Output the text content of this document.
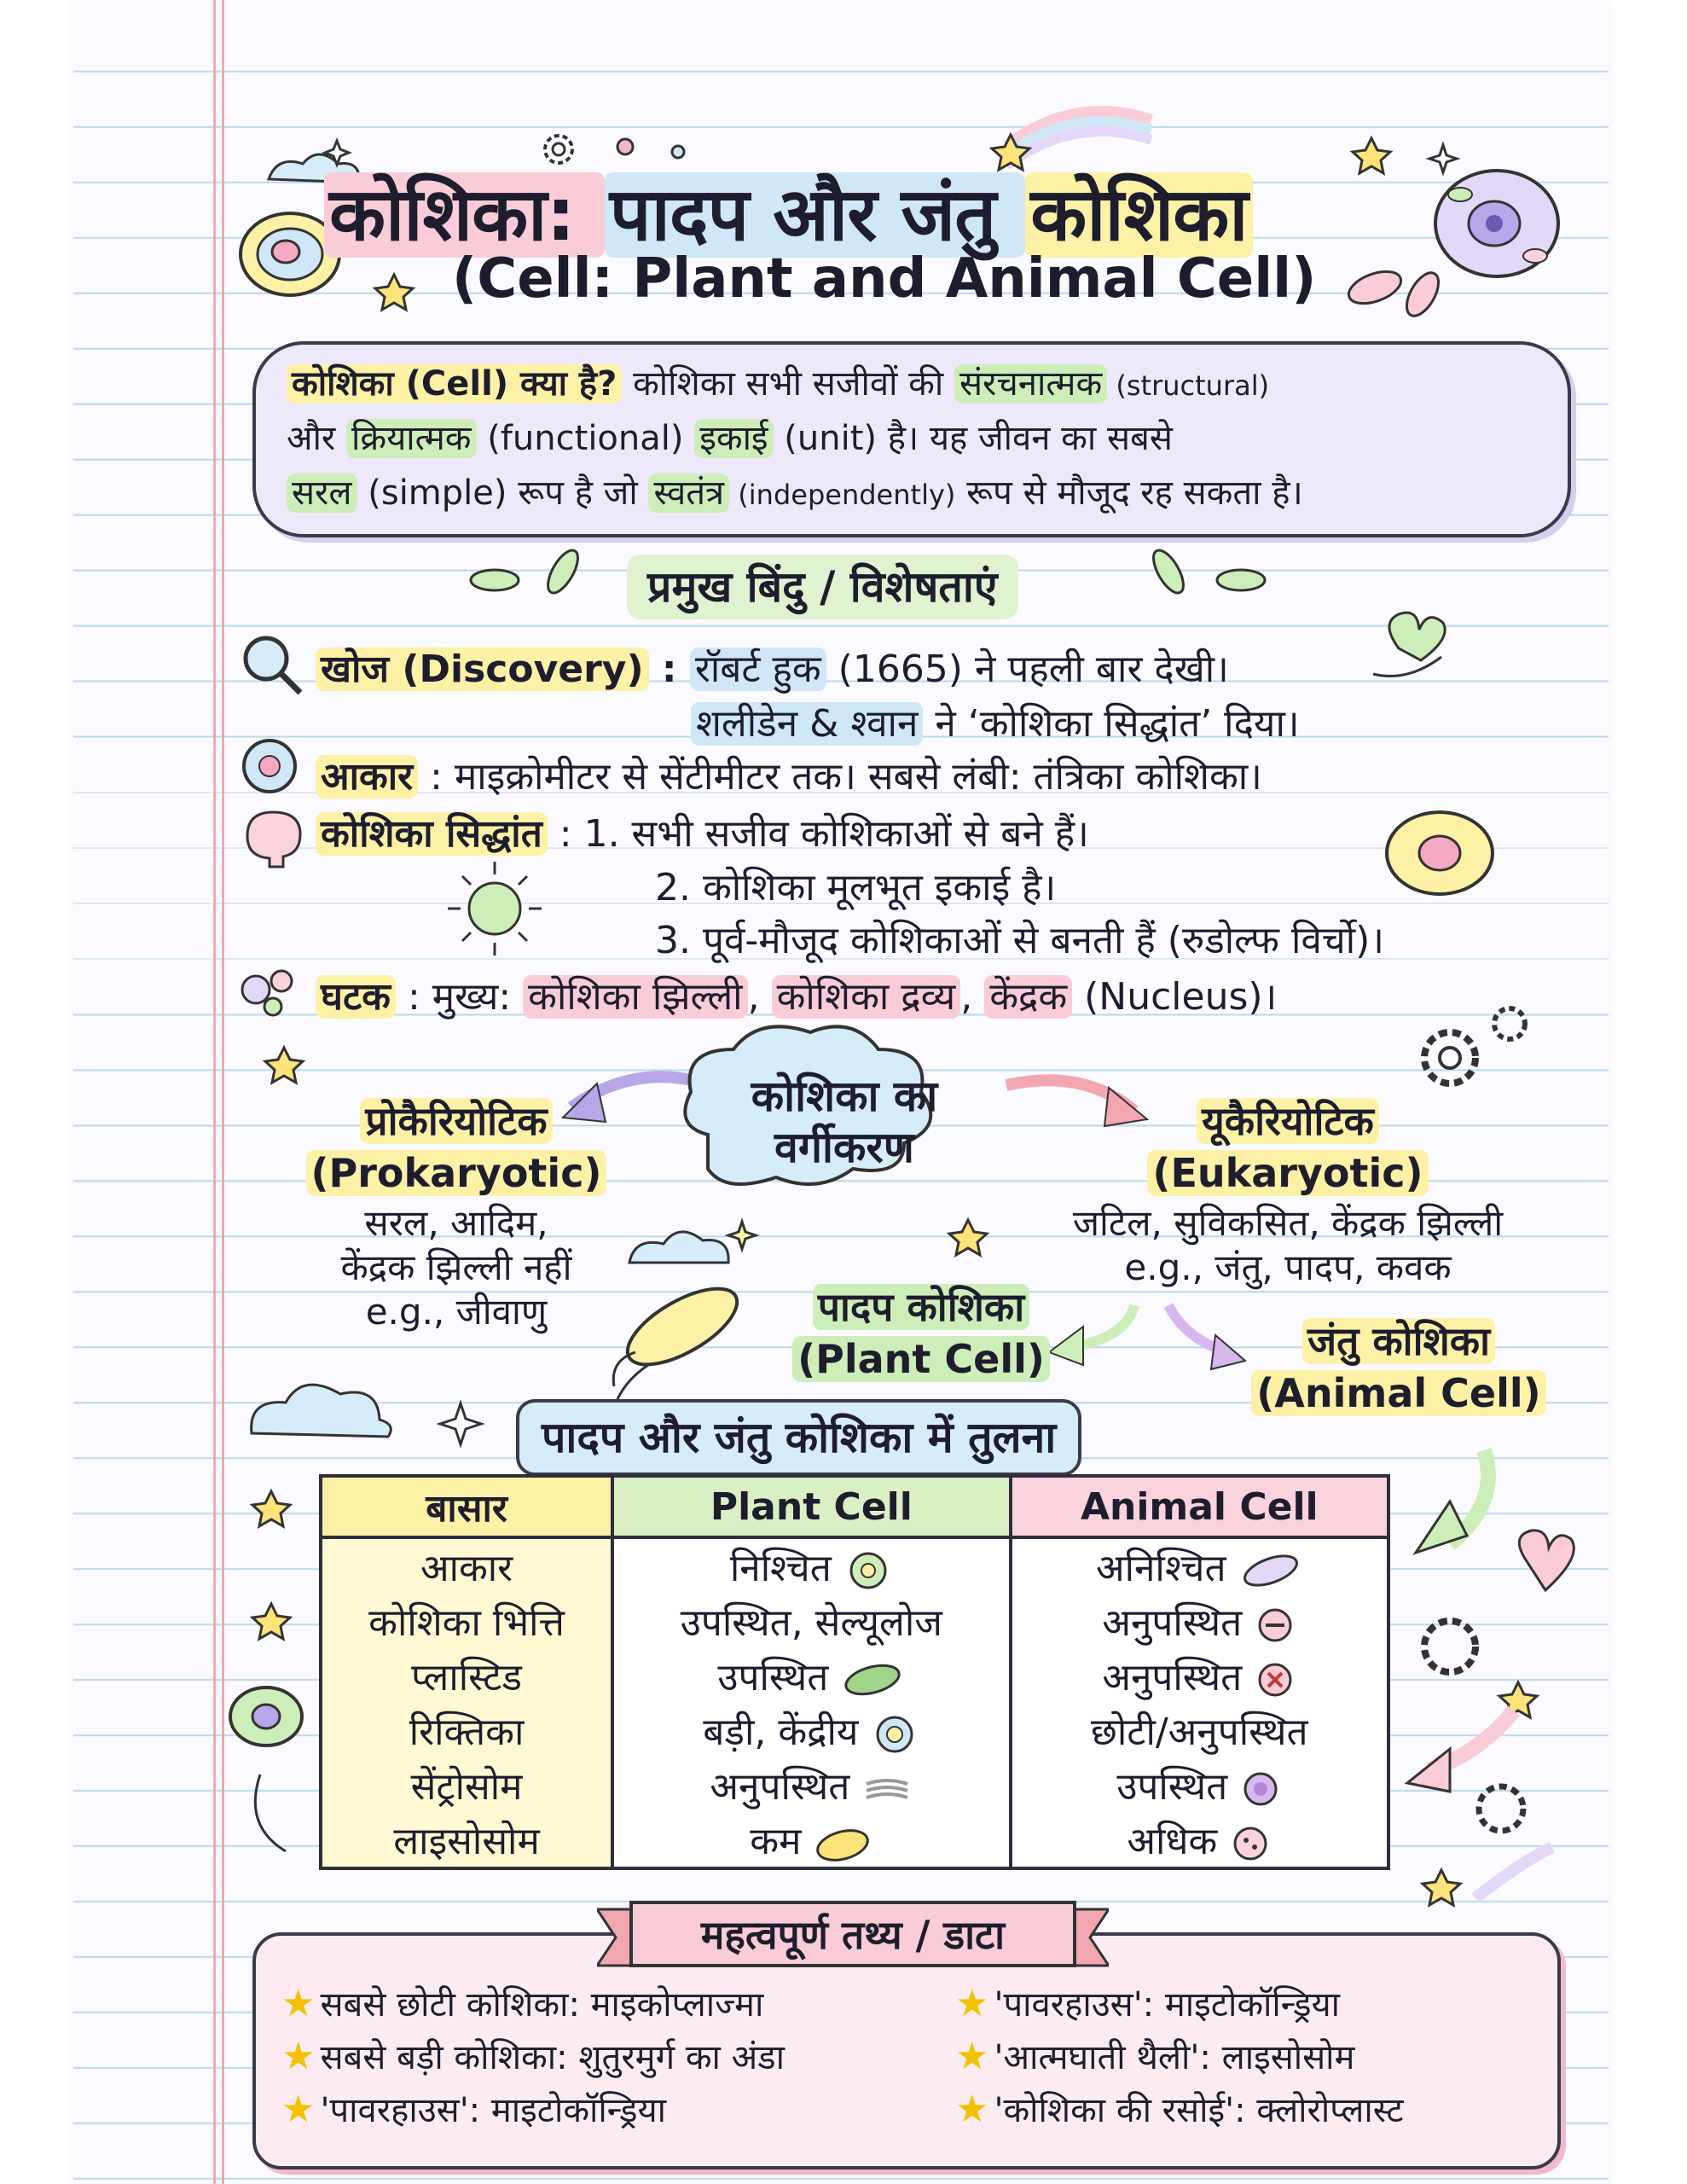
कोशिका: पादप और जंतु कोशिका
(Cell: Plant and Animal Cell)
कोशिका (Cell) क्या है? कोशिका सभी सजीवों की संरचनात्मक (structural)
और क्रियात्मक (functional) इकाई (unit) है। यह जीवन का सबसे
सरल (simple) रूप है जो स्वतंत्र (independently) रूप से मौजूद रह सकता है।
प्रमुख बिंदु / विशेषताएं
खोज (Discovery) : रॉबर्ट हुक (1665) ने पहली बार देखी।
शलीडेन & श्वान ने ‘कोशिका सिद्धांत’ दिया।
आकार : माइक्रोमीटर से सेंटीमीटर तक। सबसे लंबी: तंत्रिका कोशिका।
कोशिका सिद्धांत : 1. सभी सजीव कोशिकाओं से बने हैं।
2. कोशिका मूलभूत इकाई है।
3. पूर्व-मौजूद कोशिकाओं से बनती हैं (रुडोल्फ विर्चो)।
घटक : मुख्य: कोशिका झिल्ली , कोशिका द्रव्य , केंद्रक (Nucleus)।
कोशिका का
वर्गीकरण
प्रोकैरियोटिक
(Prokaryotic)
सरल, आदिम,
केंद्रक झिल्ली नहीं
e.g., जीवाणु
यूकैरियोटिक
(Eukaryotic)
जटिल, सुविकसित, केंद्रक झिल्ली
e.g., जंतु, पादप, कवक
पादप कोशिका
(Plant Cell)	जंतु कोशिका
(Animal Cell)
पादप और जंतु कोशिका में तुलना
बासार	Plant Cell	Animal Cell
आकार	निश्चित	अनिश्चित
कोशिका भित्ति	उपस्थित, सेल्यूलोज	अनुपस्थित
प्लास्टिड	उपस्थित	अनुपस्थित
रिक्तिका	बड़ी, केंद्रीय	छोटी/अनुपस्थित
सेंट्रोसोम	अनुपस्थित	उपस्थित
लाइसोसोम	कम	अधिक
महत्वपूर्ण तथ्य / डाटा
★ सबसे छोटी कोशिका: माइकोप्लाज्मा
★ सबसे बड़ी कोशिका: शुतुरमुर्ग का अंडा
★ 'पावरहाउस': माइटोकॉन्ड्रिया
★ 'पावरहाउस': माइटोकॉन्ड्रिया
★ 'आत्मघाती थैली': लाइसोसोम
★ 'कोशिका की रसोई': क्लोरोप्लास्ट
